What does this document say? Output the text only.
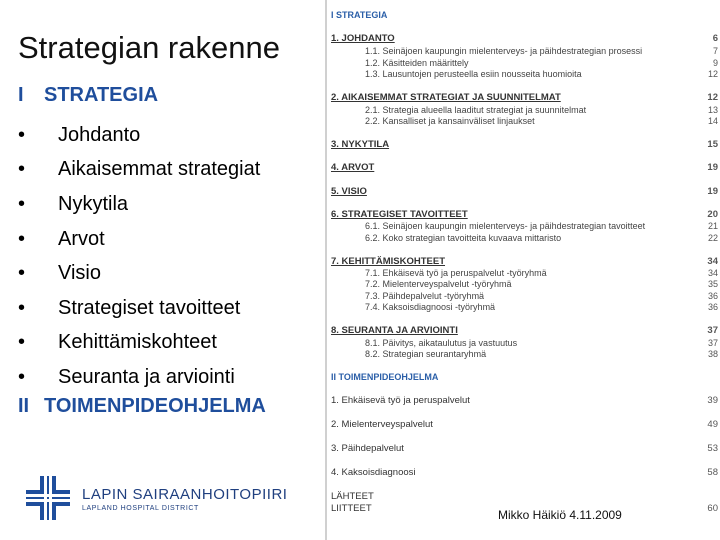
Strategian rakenne
I STRATEGIA
•	Johdanto
•	Aikaisemmat strategiat
•	Nykytila
•	Arvot
•	Visio
•	Strategiset tavoitteet
•	Kehittämiskohteet
•	Seuranta ja arviointi
II TOIMENPIDEOHJELMA
LAPIN SAIRAANHOITOPIIRI
LAPLAND HOSPITAL DISTRICT
I STRATEGIA
1. JOHDANTO	6
1.1. Seinäjoen kaupungin mielenterveys- ja päihdestrategian prosessi	7
1.2. Käsitteiden määrittely	9
1.3. Lausuntojen perusteella esiin nousseita huomioita	12
2. AIKAISEMMAT STRATEGIAT JA SUUNNITELMAT	12
2.1. Strategia alueella laaditut strategiat ja suunnitelmat	13
2.2. Kansalliset ja kansainväliset linjaukset	14
3. NYKYTILA	15
4. ARVOT	19
5. VISIO	19
6. STRATEGISET TAVOITTEET	20
6.1. Seinäjoen kaupungin mielenterveys- ja päihdestrategian tavoitteet	21
6.2. Koko strategian tavoitteita kuvaava mittaristo	22
7. KEHITTÄMISKOHTEET	34
7.1. Ehkäisevä työ ja peruspalvelut -työryhmä	34
7.2. Mielenterveyspalvelut -työryhmä	35
7.3. Päihdepalvelut -työryhmä	36
7.4. Kaksoisdiagnoosi -työryhmä	36
8. SEURANTA JA ARVIOINTI	37
8.1. Päivitys, aikataulutus ja vastuutus	37
8.2. Strategian seurantaryhmä	38
II TOIMENPIDEOHJELMA
1. Ehkäisevä työ ja peruspalvelut	39
2. Mielenterveyspalvelut	49
3. Päihdepalvelut	53
4. Kaksoisdiagnoosi	58
LÄHTEET
LIITTEET	60
Mikko Häikiö 4.11.2009
